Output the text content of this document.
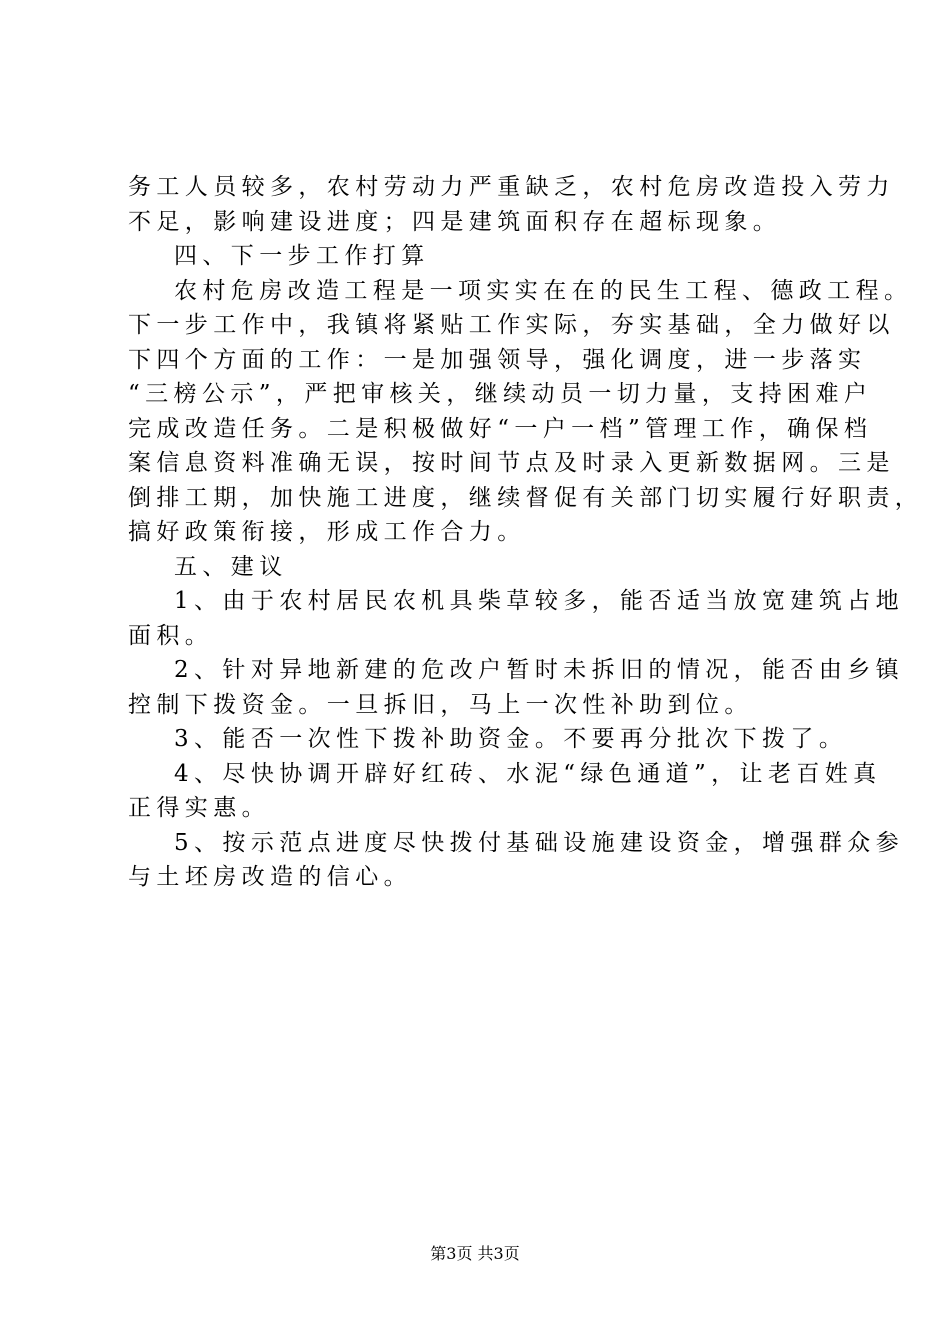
务工人员较多，农村劳动力严重缺乏，农村危房改造投入劳力
不足，影响建设进度；四是建筑面积存在超标现象。
四、下一步工作打算
农村危房改造工程是一项实实在在的民生工程、德政工程。
下一步工作中，我镇将紧贴工作实际，夯实基础，全力做好以
下四个方面的工作：一是加强领导，强化调度，进一步落实
“三榜公示”，严把审核关，继续动员一切力量，支持困难户
完成改造任务。二是积极做好“一户一档”管理工作，确保档
案信息资料准确无误，按时间节点及时录入更新数据网。三是
倒排工期，加快施工进度，继续督促有关部门切实履行好职责，
搞好政策衔接，形成工作合力。
五、建议
1、由于农村居民农机具柴草较多，能否适当放宽建筑占地
面积。
2、针对异地新建的危改户暂时未拆旧的情况，能否由乡镇
控制下拨资金。一旦拆旧，马上一次性补助到位。
3、能否一次性下拨补助资金。不要再分批次下拨了。
4、尽快协调开辟好红砖、水泥“绿色通道”，让老百姓真
正得实惠。
5、按示范点进度尽快拨付基础设施建设资金，增强群众参
与土坯房改造的信心。
第3页 共3页
